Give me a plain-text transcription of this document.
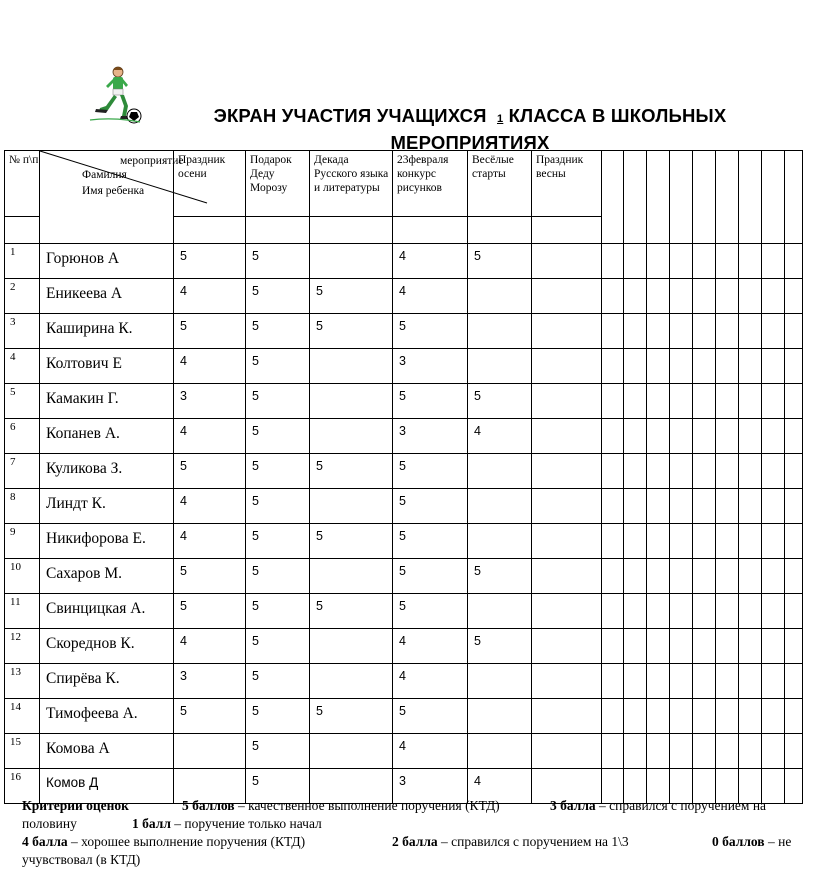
ЭКРАН УЧАСТИЯ УЧАЩИХСЯ 1 КЛАССА В ШКОЛЬНЫХ
МЕРОПРИЯТИЯХ
№ п\п	мероприятие
Фамилия
Имя ребенка	Праздник осени	Подарок Деду Морозу	Декада Русского языка и литературы	23февраля конкурс рисунков	Весёлые старты	Праздник весны									

1	Горюнов А	5	5		4	5										
2	Еникеева А	4	5	5	4											
3	Каширина К.	5	5	5	5											
4	Колтович Е	4	5		3											
5	Камакин Г.	3	5		5	5										
6	Копанев А.	4	5		3	4										
7	Куликова З.	5	5	5	5											
8	Линдт К.	4	5		5											
9	Никифорова Е.	4	5	5	5											
10	Сахаров М.	5	5		5	5										
11	Свинцицкая А.	5	5	5	5											
12	Скореднов К.	4	5		4	5										
13	Спирёва К.	3	5		4											
14	Тимофеева А.	5	5	5	5											
15	Комова А		5		4											
16	Комов Д		5		3	4										
Критерии оценок	5 баллов – качественное выполнение поручения (КТД)	3 балла – справился с поручением на
половину	1 балл – поручение только начал
4 балла – хорошее выполнение поручения (КТД)	2 балла – справился с поручением на 1\3	0 баллов – не
учувствовал (в КТД)
